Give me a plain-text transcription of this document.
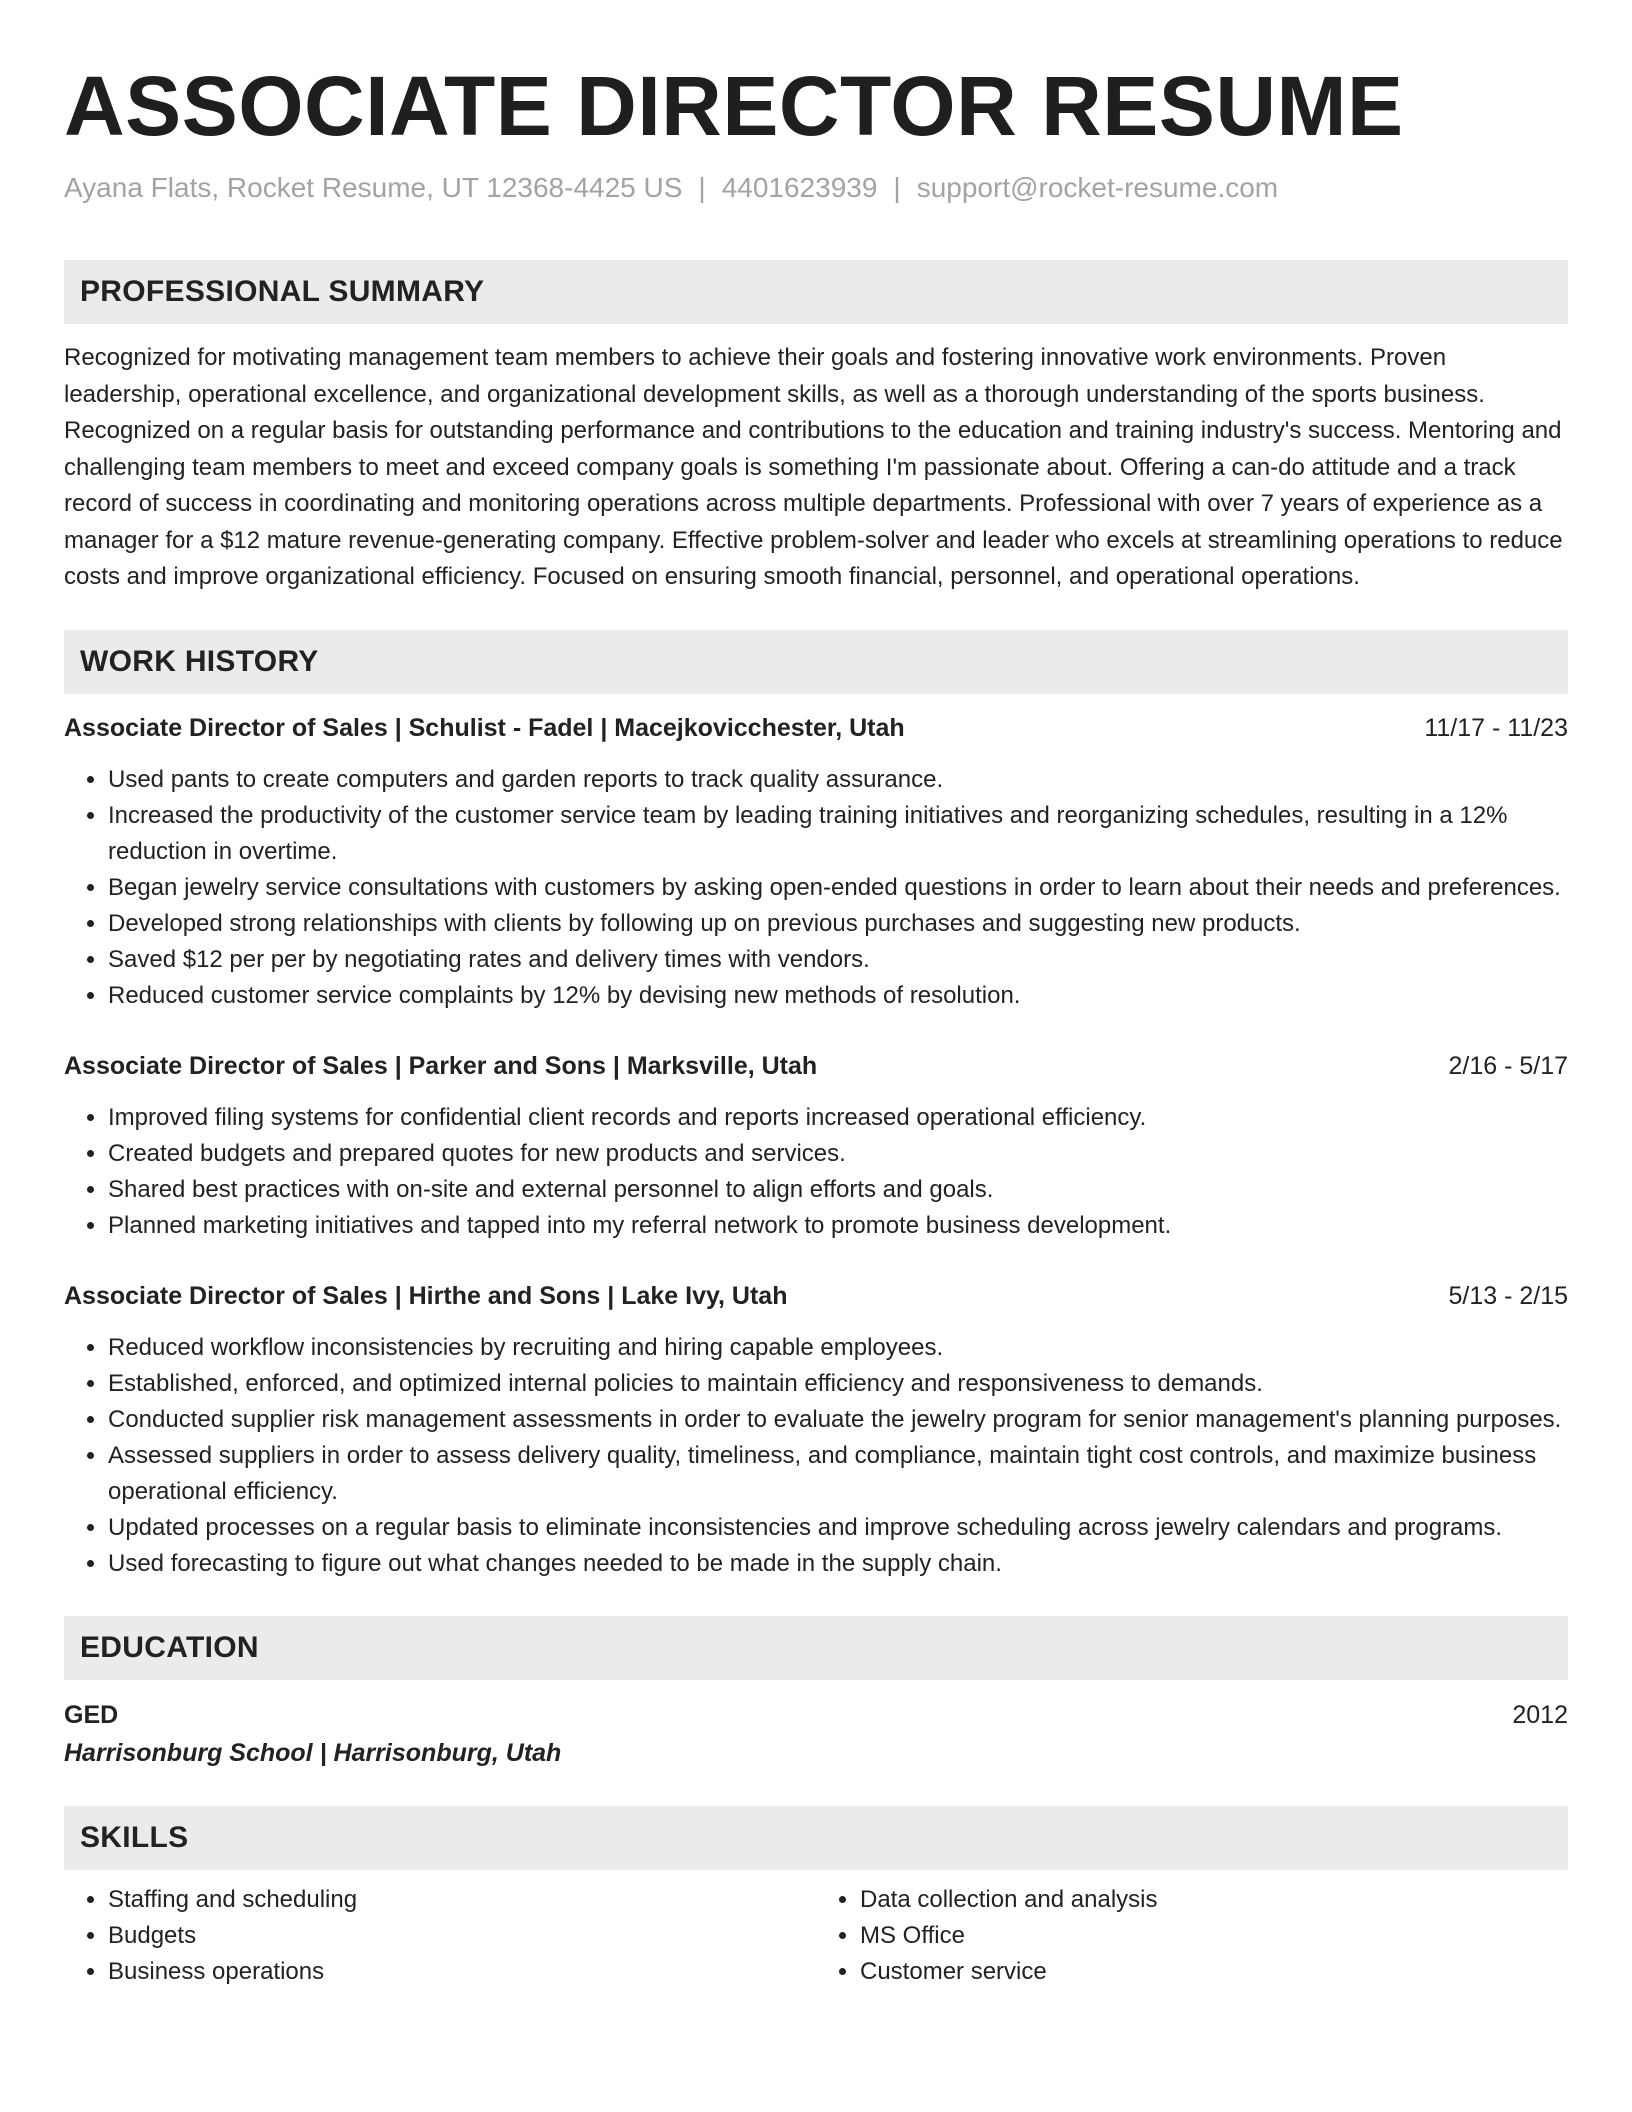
ASSOCIATE DIRECTOR RESUME
Ayana Flats, Rocket Resume, UT 12368-4425 US | 4401623939 | support@rocket-resume.com
PROFESSIONAL SUMMARY
Recognized for motivating management team members to achieve their goals and fostering innovative work environments. Proven leadership, operational excellence, and organizational development skills, as well as a thorough understanding of the sports business. Recognized on a regular basis for outstanding performance and contributions to the education and training industry's success. Mentoring and challenging team members to meet and exceed company goals is something I'm passionate about. Offering a can-do attitude and a track record of success in coordinating and monitoring operations across multiple departments. Professional with over 7 years of experience as a manager for a $12 mature revenue-generating company. Effective problem-solver and leader who excels at streamlining operations to reduce costs and improve organizational efficiency. Focused on ensuring smooth financial, personnel, and operational operations.
WORK HISTORY
Associate Director of Sales | Schulist - Fadel | Macejkovicchester, Utah	11/17 - 11/23
• Used pants to create computers and garden reports to track quality assurance.
• Increased the productivity of the customer service team by leading training initiatives and reorganizing schedules, resulting in a 12% reduction in overtime.
• Began jewelry service consultations with customers by asking open-ended questions in order to learn about their needs and preferences.
• Developed strong relationships with clients by following up on previous purchases and suggesting new products.
• Saved $12 per per by negotiating rates and delivery times with vendors.
• Reduced customer service complaints by 12% by devising new methods of resolution.
Associate Director of Sales | Parker and Sons | Marksville, Utah	2/16 - 5/17
• Improved filing systems for confidential client records and reports increased operational efficiency.
• Created budgets and prepared quotes for new products and services.
• Shared best practices with on-site and external personnel to align efforts and goals.
• Planned marketing initiatives and tapped into my referral network to promote business development.
Associate Director of Sales | Hirthe and Sons | Lake Ivy, Utah	5/13 - 2/15
• Reduced workflow inconsistencies by recruiting and hiring capable employees.
• Established, enforced, and optimized internal policies to maintain efficiency and responsiveness to demands.
• Conducted supplier risk management assessments in order to evaluate the jewelry program for senior management's planning purposes.
• Assessed suppliers in order to assess delivery quality, timeliness, and compliance, maintain tight cost controls, and maximize business operational efficiency.
• Updated processes on a regular basis to eliminate inconsistencies and improve scheduling across jewelry calendars and programs.
• Used forecasting to figure out what changes needed to be made in the supply chain.
EDUCATION
GED	2012
Harrisonburg School | Harrisonburg, Utah
SKILLS
• Staffing and scheduling
• Budgets
• Business operations
• Data collection and analysis
• MS Office
• Customer service
